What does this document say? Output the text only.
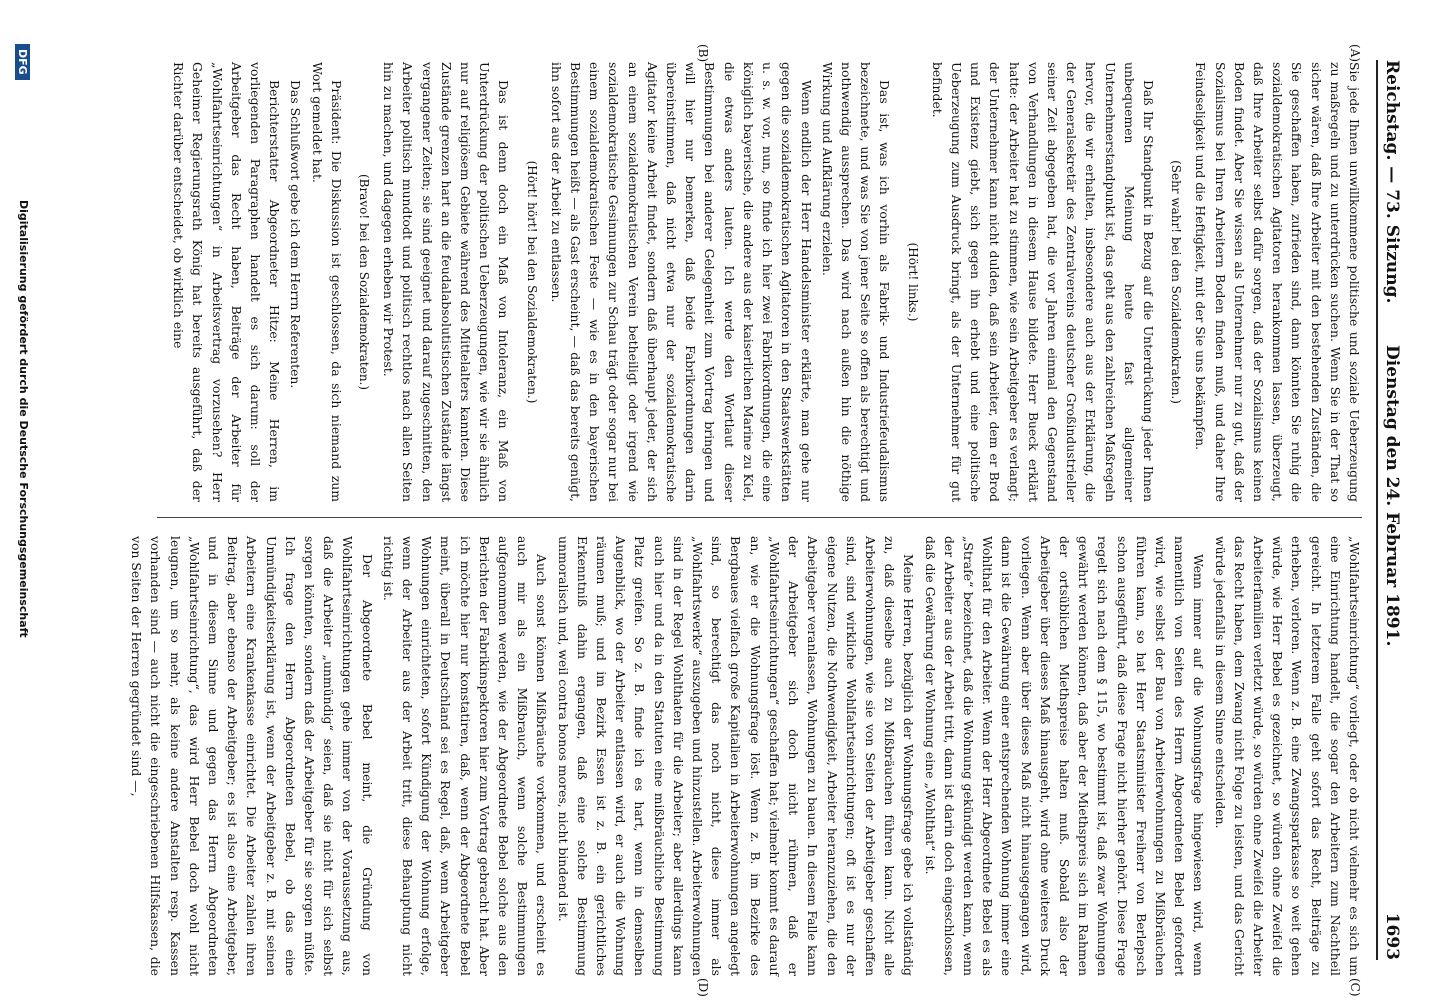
Reichstag. — 73. Sitzung.
Dienstag den 24. Februar 1891.
1693
(A)
(B)
(C)
(D)

Sie jede Ihnen unwillkommene politische und soziale Ueberzeugung zu maßregeln und zu unterdrücken suchen. Wenn Sie in der That so sicher wären, daß Ihre Arbeiter mit den bestehenden Zuständen, die Sie geschaffen haben, zufrieden sind, dann könnten Sie ruhig die sozialdemokratischen Agitatoren herankommen lassen, überzeugt, daß Ihre Arbeiter selbst dafür sorgen, daß der Sozialismus keinen Boden findet. Aber Sie wissen als Unternehmer nur zu gut, daß der Sozialismus bei Ihren Arbeitern Boden finden muß, und daher Ihre Feindseligkeit und die Heftigkeit, mit der Sie uns bekämpfen.

(Sehr wahr! bei den Sozialdemokraten.)

Daß Ihr Standpunkt in Bezug auf die Unterdrückung jeder Ihnen unbequemen Meinung heute fast allgemeiner Unternehmerstandpunkt ist, das geht aus den zahlreichen Maßregeln hervor, die wir erhalten, insbesondere auch aus der Erklärung, die der Generalsekretär des Zentralvereins deutscher Großindustrieller seiner Zeit abgegeben hat, die vor Jahren einmal den Gegenstand von Verhandlungen in diesem Hause bildete. Herr Bueck erklärt hatte: der Arbeiter hat zu stimmen, wie sein Arbeitgeber es verlangt; der Unternehmer kann nicht dulden, daß sein Arbeiter, dem er Brod und Existenz giebt, sich gegen ihn erhebt und eine politische Ueberzeugung zum Ausdruck bringt, als der Unternehmer für gut befindet.

(Hört! links.)

Das ist, was ich vorhin als Fabrik- und Industriefeudalismus bezeichnete, und was Sie von jener Seite so offen als berechtigt und nothwendig aussprechen. Das wird nach außen hin die nöthige Wirkung und Aufklärung erzielen.

Wenn endlich der Herr Handelsminister erklärte, man gehe nur gegen die sozialdemokratischen Agitatoren in den Staatswerkstätten u. s. w. vor, nun, so finde ich hier zwei Fabrikordnungen, die eine königlich bayerische, die andere aus der kaiserlichen Marine zu Kiel, die etwas anders lauten. Ich werde den Wortlaut dieser Bestimmungen bei anderer Gelegenheit zum Vortrag bringen und will hier nur bemerken, daß beide Fabrikordnungen darin übereinstimmen, daß nicht etwa nur der sozialdemokratische Agitator keine Arbeit findet, sondern daß überhaupt jeder, der sich an einem sozialdemokratischen Verein betheiligt oder irgend wie sozialdemokratische Gesinnungen zur Schau trägt oder sogar nur bei einem sozialdemokratischen Feste — wie es in den bayerischen Bestimmungen heißt — als Gast erscheint, — daß das bereits genügt, ihn sofort aus der Arbeit zu entlassen.

(Hört! hört! bei den Sozialdemokraten.)

Das ist denn doch ein Maß von Intoleranz, ein Maß von Unterdrückung der politischen Ueberzeugungen, wie wir sie ähnlich nur auf religiösem Gebiete während des Mittelalters kannten. Diese Zustände grenzen hart an die feudalabsolutistischen Zustände längst vergangener Zeiten; sie sind geeignet und darauf zugeschnitten, den Arbeiter politisch mundtodt und politisch rechtlos nach allen Seiten hin zu machen, und dagegen erheben wir Protest.

(Bravo! bei den Sozialdemokraten.)

Präsident: Die Diskussion ist geschlossen, da sich niemand zum Wort gemeldet hat.

Das Schlußwort gebe ich dem Herrn Referenten.

Berichterstatter Abgeordneter Hitze: Meine Herren, im vorliegenden Paragraphen handelt es sich darum: soll der Arbeitgeber das Recht haben, Beiträge der Arbeiter für „Wohlfahrtseinrichtungen“ in Arbeitsvertrag vorzusehen? Herr Geheimer Regierungsrath König hat bereits ausgeführt, daß der Richter darüber entscheidet, ob wirklich eine

„Wohlfahrtseinrichtung“ vorliegt, oder ob nicht vielmehr es sich um eine Einrichtung handelt, die sogar den Arbeitern zum Nachtheil gereicht. In letzterem Falle geht sofort das Recht, Beiträge zu erheben, verloren. Wenn z. B. eine Zwangssparkasse so weit gehen würde, wie Herr Bebel es gezeichnet, so würden ohne Zweifel die Arbeiterfamilien verletzt würde, so würden ohne Zweifel die Arbeiter das Recht haben, dem Zwang nicht Folge zu leisten, und das Gericht würde jedenfalls in diesem Sinne entscheiden.

Wenn immer auf die Wohnungsfrage hingewiesen wird, wenn namentlich von Seiten des Herrn Abgeordneten Bebel gefordert wird, wie selbst der Bau von Arbeiterwohnungen zu Mißbräuchen führen kann, so hat Herr Staatsminister Freiherr von Berlepsch schon ausgeführt, daß diese Frage nicht hierher gehört. Diese Frage regelt sich nach dem § 115, wo bestimmt ist, daß zwar Wohnungen gewährt werden können, daß aber der Miethspreis sich im Rahmen der ortsüblichen Miethspreise halten muß. Sobald also der Arbeitgeber über dieses Maß hinausgeht, wird ohne weiteres Druck vorliegen. Wenn aber über dieses Maß nicht hinausgegangen wird, dann ist die Gewährung einer entsprechenden Wohnung immer eine Wohlthat für den Arbeiter. Wenn der Herr Abgeordnete Bebel es als „Strafe“ bezeichnet, daß die Wohnung gekündigt werden kann, wenn der Arbeiter aus der Arbeit tritt, dann ist darin doch eingeschlossen, daß die Gewährung der Wohnung eine „Wohlthat“ ist.

Meine Herren, bezüglich der Wohnungsfrage gebe ich vollständig zu, daß dieselbe auch zu Mißbräuchen führen kann. Nicht alle Arbeiterwohnungen, wie sie von Seiten der Arbeitgeber geschaffen sind, sind wirkliche Wohlfahrtseinrichtungen; oft ist es nur der eigene Nutzen, die Nothwendigkeit, Arbeiter heranzuziehen, die den Arbeitgeber veranlassen, Wohnungen zu bauen. In diesem Falle kann der Arbeitgeber sich doch nicht rühmen, daß er „Wohlfahrtseinrichtungen“ geschaffen hat; vielmehr kommt es darauf an, wie er die Wohnungsfrage löst. Wenn z. B. im Bezirke des Bergbaues vielfach große Kapitalien in Arbeiterwohnungen angelegt sind, so berechtigt das noch nicht, diese immer als „Wohlfahrtswerke“ auszugeben und hinzustellen. Arbeiterwohnungen sind in der Regel Wohlthaten für die Arbeiter; aber allerdings kann auch hier und da in den Statuten eine mißbräuchliche Bestimmung Platz greifen. So z. B. finde ich es hart, wenn in demselben Augenblick, wo der Arbeiter entlassen wird, er auch die Wohnung räumen muß; und im Bezirk Essen ist z. B. ein gerichtliches Erkenntniß dahin ergangen, daß eine solche Bestimmung unmoralisch und, weil contra bonos mores, nicht bindend ist.

Auch sonst können Mißbräuche vorkommen, und erscheint es auch mir als ein Mißbrauch, wenn solche Bestimmungen aufgenommen werden, wie der Abgeordnete Bebel solche aus den Berichten der Fabrikinspektoren hier zum Vortrag gebracht hat. Aber ich möchte hier nur konstatiren, daß, wenn der Abgeordnete Bebel meint, überall in Deutschland sei es Regel, daß, wenn Arbeitgeber Wohnungen einrichteten, sofort Kündigung der Wohnung erfolge, wenn der Arbeiter aus der Arbeit tritt, diese Behauptung nicht richtig ist.

Der Abgeordnete Bebel meint, die Gründung von Wohlfahrtseinrichtungen gehe immer von der Voraussetzung aus, daß die Arbeiter „unmündig“ seien, daß sie nicht für sich selbst sorgen könnten, sondern daß der Arbeitgeber für sie sorgen müßte. Ich frage den Herrn Abgeordneten Bebel, ob das eine Unmündigkeitserklärung ist, wenn der Arbeitgeber z. B. mit seinen Arbeitern eine Krankenkasse einrichtet. Die Arbeiter zahlen ihren Beitrag, aber ebenso der Arbeitgeber; es ist also eine Arbeitgeber, und in diesem Sinne und gegen das Herrn Abgeordneten „Wohlfahrtseinrichtung“, das wird Herr Bebel doch wohl nicht leugnen, um so mehr, als keine andere Anstalten resp. Kassen vorhanden sind — auch nicht die eingeschriebenen Hilfskassen, die von Seiten der Herren gegründet sind —,

DFG
Digitalisierung gefördert durch die Deutsche Forschungsgemeinschaft
